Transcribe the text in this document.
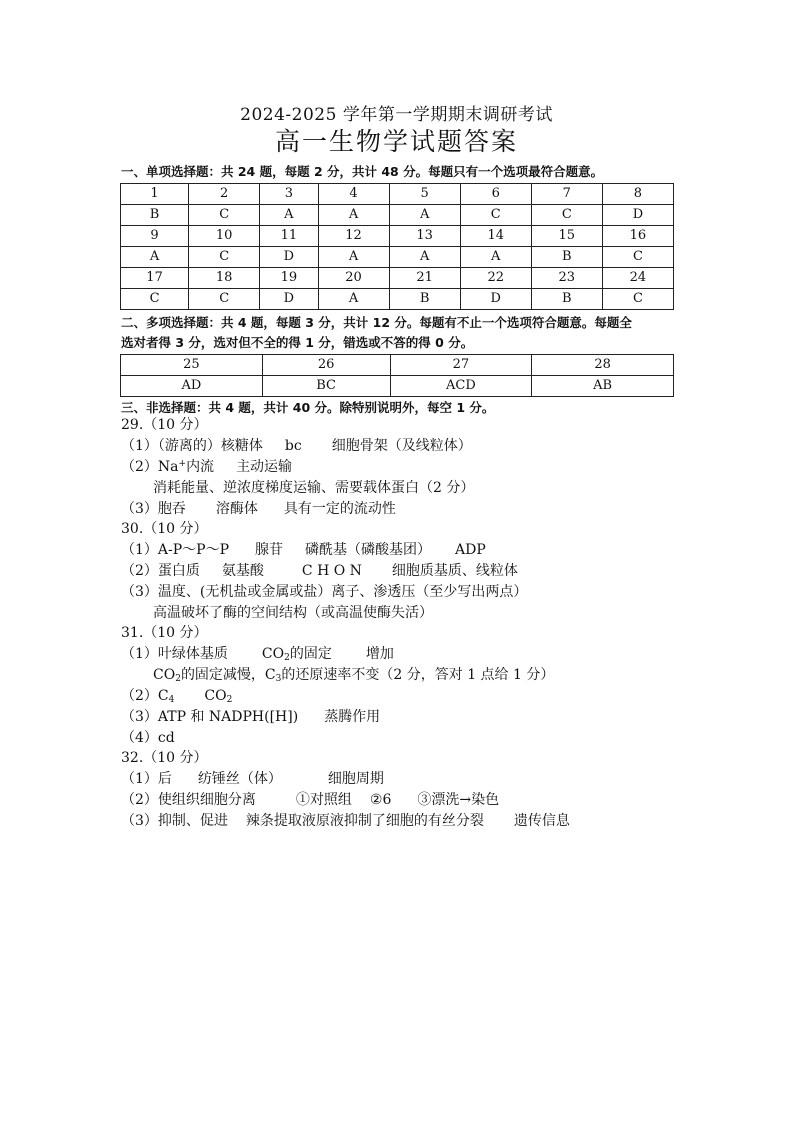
2024-2025 学年第一学期期末调研考试
高一生物学试题答案
一、单项选择题：共 24 题，每题 2 分，共计 48 分。每题只有一个选项最符合题意。
1	2	3	4	5	6	7	8
B	C	A	A	A	C	C	D
9	10	11	12	13	14	15	16
A	C	D	A	A	A	B	C
17	18	19	20	21	22	23	24
C	C	D	A	B	D	B	C
二、多项选择题：共 4 题，每题 3 分，共计 12 分。每题有不止一个选项符合题意。每题全
选对者得 3 分，选对但不全的得 1 分，错选或不答的得 0 分。
25	26	27	28
AD	BC	ACD	AB
三、非选择题：共 4 题，共计 40 分。除特别说明外，每空 1 分。
29.（10 分）
（1）（游离的）核糖体 bc 细胞骨架（及线粒体）
（2）Na+内流 主动运输
消耗能量、逆浓度梯度运输、需要载体蛋白（2 分）
（3）胞吞 溶酶体 具有一定的流动性
30.（10 分）
（1）A-P～P～P 腺苷 磷酰基（磷酸基团） ADP
（2）蛋白质 氨基酸	C H O N 细胞质基质、线粒体
（3）温度、(无机盐或金属或盐）离子、渗透压（至少写出两点）
高温破坏了酶的空间结构（或高温使酶失活）
31.（10 分）
（1）叶绿体基质 $CO_2$的固定 增加
$CO_2$的固定减慢，$C_3$的还原速率不变（2 分，答对 1 点给 1 分）
$(2)C_4$ $CO_2$
（3）ATP 和 NADPH([H]) 蒸腾作用
（4）cd
32.（10 分）
（1）后 纺锤丝（体）	细胞周期
（2）使组织细胞分离	①对照组 ②6 ③漂洗→染色
（3）抑制、促进 辣条提取液原液抑制了细胞的有丝分裂 遗传信息
